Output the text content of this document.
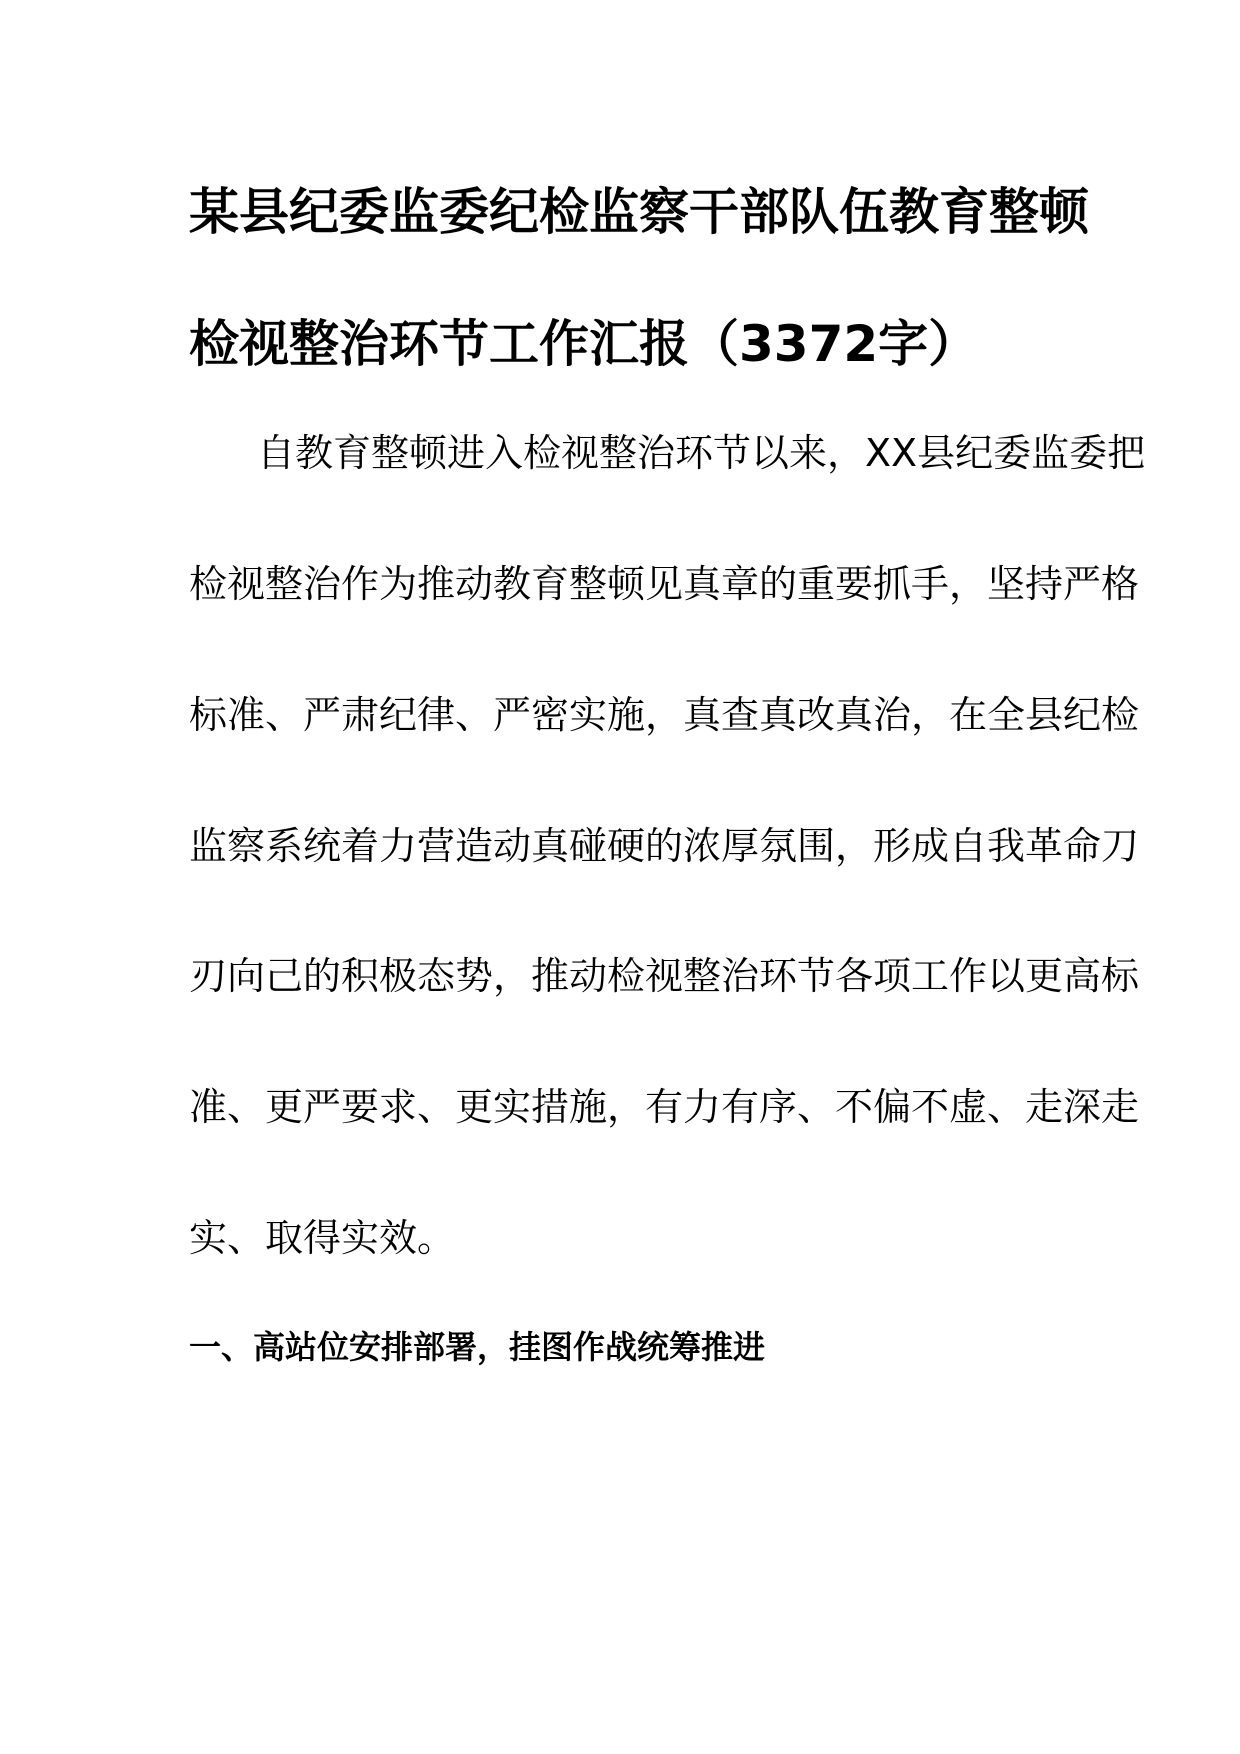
某县纪委监委纪检监察干部队伍教育整顿
检视整治环节工作汇报（3372字）
自教育整顿进入检视整治环节以来，XX县纪委监委把
检视整治作为推动教育整顿见真章的重要抓手，坚持严格
标准、严肃纪律、严密实施，真查真改真治，在全县纪检
监察系统着力营造动真碰硬的浓厚氛围，形成自我革命刀
刃向己的积极态势，推动检视整治环节各项工作以更高标
准、更严要求、更实措施，有力有序、不偏不虚、走深走
实、取得实效。
一、高站位安排部署，挂图作战统筹推进
